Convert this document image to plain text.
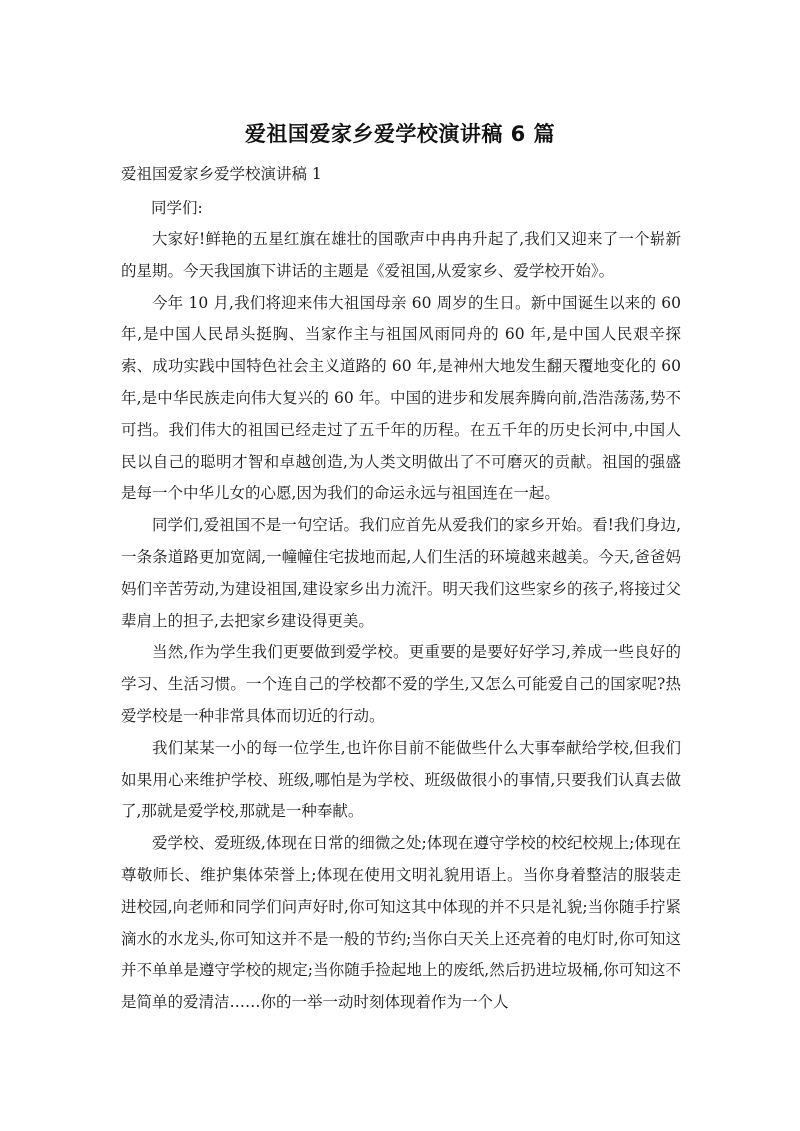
爱祖国爱家乡爱学校演讲稿 6 篇
爱祖国爱家乡爱学校演讲稿 1
同学们:

大家好!鲜艳的五星红旗在雄壮的国歌声中冉冉升起了,我们又迎来了一个崭新的星期。今天我国旗下讲话的主题是《爱祖国,从爱家乡、爱学校开始》。

今年 10 月,我们将迎来伟大祖国母亲 60 周岁的生日。新中国诞生以来的 60 年,是中国人民昂头挺胸、当家作主与祖国风雨同舟的 60 年,是中国人民艰辛探索、成功实践中国特色社会主义道路的 60 年,是神州大地发生翻天覆地变化的 60 年,是中华民族走向伟大复兴的 60 年。中国的进步和发展奔腾向前,浩浩荡荡,势不可挡。我们伟大的祖国已经走过了五千年的历程。在五千年的历史长河中,中国人民以自己的聪明才智和卓越创造,为人类文明做出了不可磨灭的贡献。祖国的强盛是每一个中华儿女的心愿,因为我们的命运永远与祖国连在一起。

同学们,爱祖国不是一句空话。我们应首先从爱我们的家乡开始。看!我们身边,一条条道路更加宽阔,一幢幢住宅拔地而起,人们生活的环境越来越美。今天,爸爸妈妈们辛苦劳动,为建设祖国,建设家乡出力流汗。明天我们这些家乡的孩子,将接过父辈肩上的担子,去把家乡建设得更美。

当然,作为学生我们更要做到爱学校。更重要的是要好好学习,养成一些良好的学习、生活习惯。一个连自己的学校都不爱的学生,又怎么可能爱自己的国家呢?热爱学校是一种非常具体而切近的行动。

我们某某一小的每一位学生,也许你目前不能做些什么大事奉献给学校,但我们如果用心来维护学校、班级,哪怕是为学校、班级做很小的事情,只要我们认真去做了,那就是爱学校,那就是一种奉献。

爱学校、爱班级,体现在日常的细微之处;体现在遵守学校的校纪校规上;体现在尊敬师长、维护集体荣誉上;体现在使用文明礼貌用语上。当你身着整洁的服装走进校园,向老师和同学们问声好时,你可知这其中体现的并不只是礼貌;当你随手拧紧滴水的水龙头,你可知这并不是一般的节约;当你白天关上还亮着的电灯时,你可知这并不单单是遵守学校的规定;当你随手捡起地上的废纸,然后扔进垃圾桶,你可知这不是简单的爱清洁……你的一举一动时刻体现着作为一个人
